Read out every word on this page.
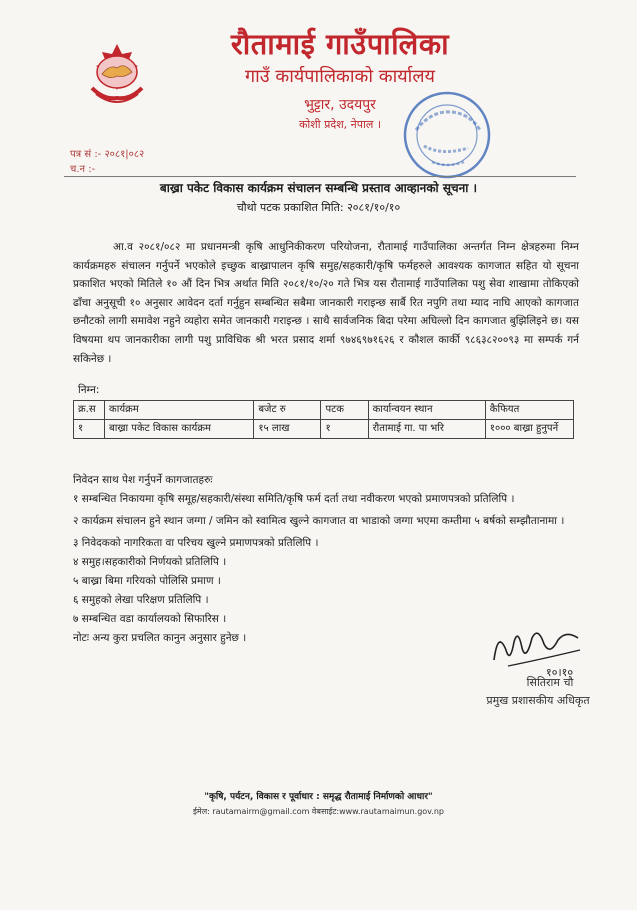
रौतामाई गाउँपालिका
गाउँ कार्यपालिकाको कार्यालय
भुट्टार, उदयपुर
कोशी प्रदेश, नेपाल ।
पत्र सं :- २०८१|०८२
च.न :-
बाख्रा पकेट विकास कार्यक्रम संचालन सम्बन्धि प्रस्ताव आव्हानको सूचना ।
चौथो पटक प्रकाशित मिति: २०८१/१०/१०
आ.व २०८१/०८२ मा प्रधानमन्त्री कृषि आधुनिकीकरण परियोजना, रौतामाई गाउँपालिका अन्तर्गत निम्न क्षेत्रहरुमा निम्न कार्यक्रमहरु संचालन गर्नुपर्ने भएकोले इच्छुक बाख्रापालन कृषि समुह/सहकारी/कृषि फर्महरुले आवश्यक कागजात सहित यो सूचना प्रकाशित भएको मितिले १० औं दिन भित्र अर्थात मिति २०८१/१०/२० गते भित्र यस रौतामाई गाउँपालिका पशु सेवा शाखामा तोकिएको ढाँचा अनुसूची १० अनुसार आवेदन दर्ता गर्नुहुन सम्बन्धित सबैमा जानकारी गराइन्छ सार्बै रित नपुगि तथा म्याद नाघि आएको कागजात छनौटको लागी समावेश नहुने व्यहोरा समेत जानकारी गराइन्छ । साथै सार्वजनिक बिदा परेमा अघिल्लो दिन कागजात बुझिलिइने छ। यस विषयमा थप जानकारीका लागी पशु प्राविधिक श्री भरत प्रसाद शर्मा ९७४६९७१६२६ र कौशल कार्की ९८६३८२००९३ मा सम्पर्क गर्न सकिनेछ ।
निम्न:
क्र.स	कार्यक्रम	बजेट रु	पटक	कार्यान्वयन स्थान	कैफियत
१	बाख्रा पकेट विकास कार्यक्रम	१५ लाख	१	रौतामाई गा. पा भरि	१००० बाख्रा हुनुपर्ने
निवेदन साथ पेश गर्नुपर्ने कागजातहरुः
१ सम्बन्धित निकायमा कृषि समूह/सहकारी/संस्था समिति/कृषि फर्म दर्ता तथा नवीकरण भएको प्रमाणपत्रको प्रतिलिपि ।
२ कार्यक्रम संचालन हुने स्थान जग्गा / जमिन को स्वामित्व खुल्ने कागजात वा भाडाको जग्गा भएमा कम्तीमा ५ बर्षको सम्झौतानामा ।
३ निवेदकको नागरिकता वा परिचय खुल्ने प्रमाणपत्रको प्रतिलिपि ।
४ समुह।सहकारीको निर्णयको प्रतिलिपि ।
५ बाख्रा बिमा गरियको पोलिसि प्रमाण ।
६ समुहको लेखा परिक्षण प्रतिलिपि ।
७ सम्बन्धित वडा कार्यालयको सिफारिस ।
नोटः अन्य कुरा प्रचलित कानुन अनुसार हुनेछ ।
१०।१०
सितिराम चौ
प्रमुख प्रशासकीय अधिकृत
"कृषि, पर्यटन, विकास र पूर्वाधार : समृद्ध रौतामाई निर्माणको आधार"
ईमेल: rautamairm@gmail.com वेबसाईट:www.rautamaimun.gov.np
